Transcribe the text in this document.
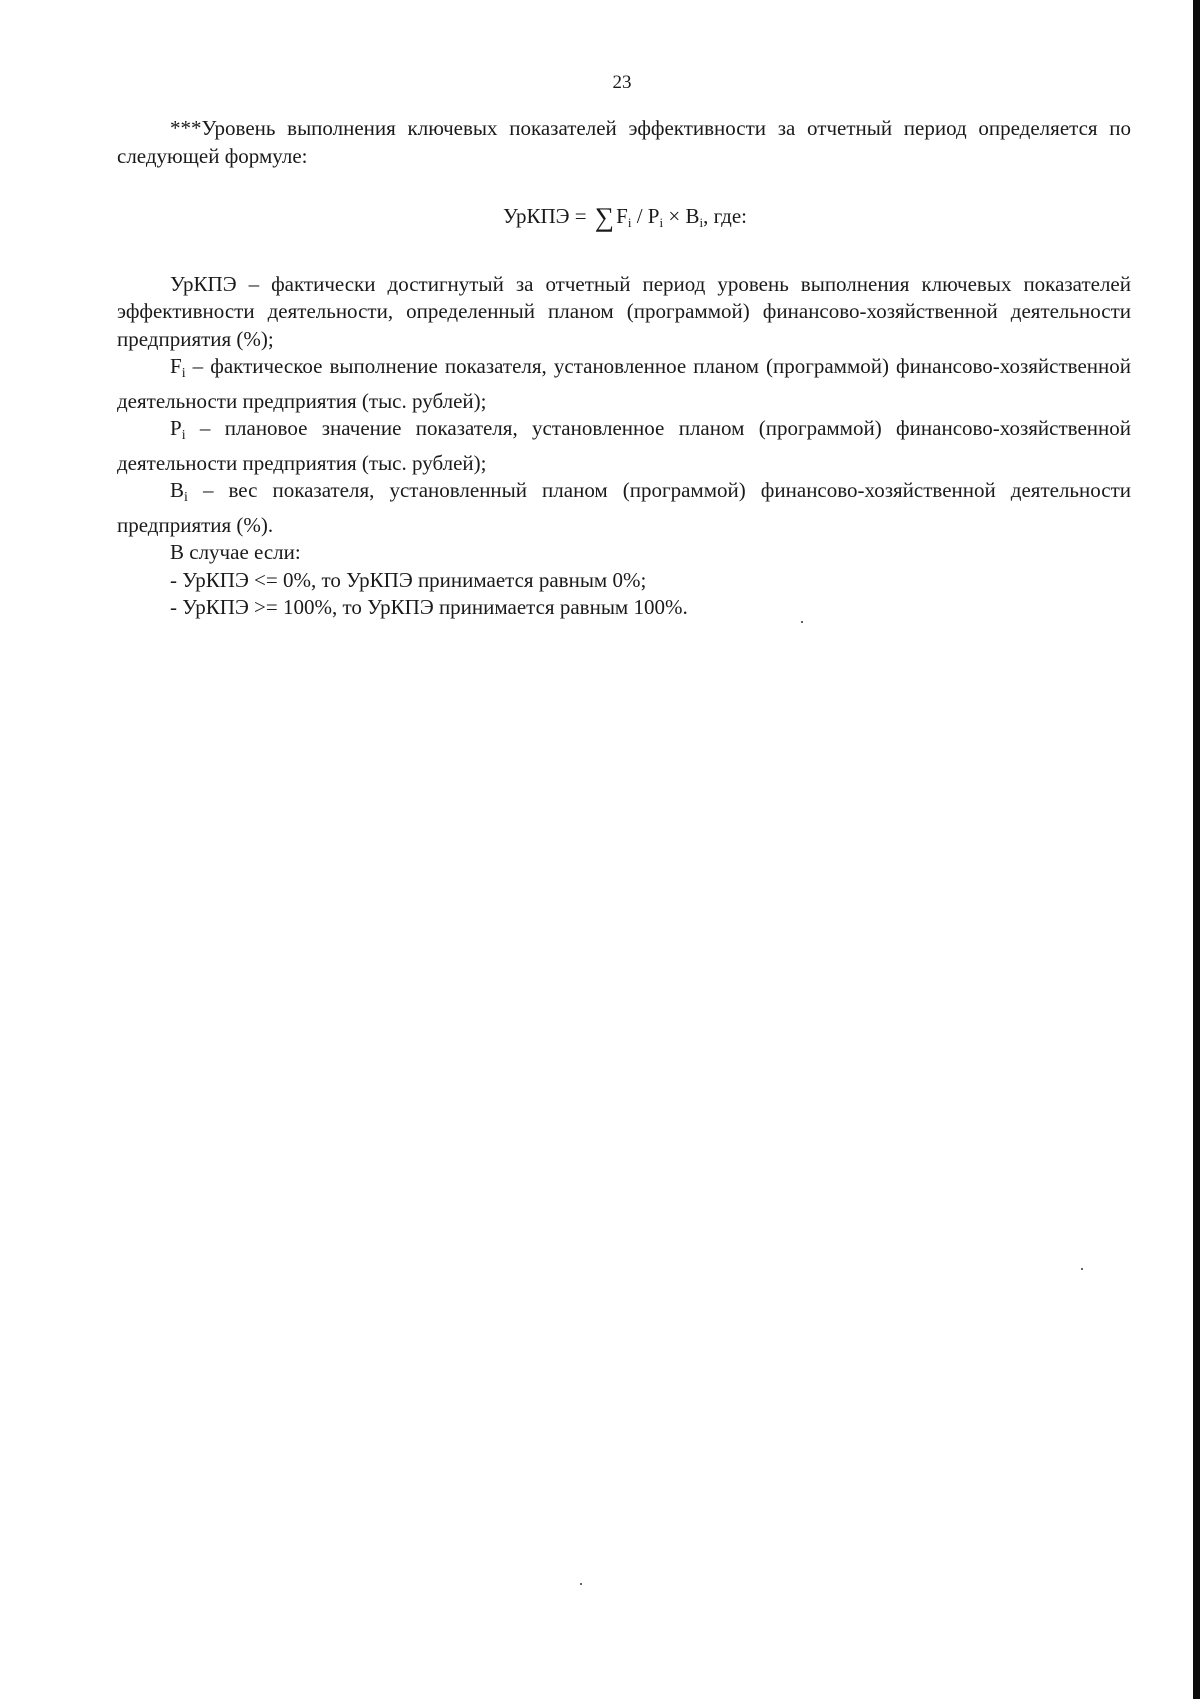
23

***Уровень выполнения ключевых показателей эффективности за отчетный период определяется по следующей формуле:

УрКПЭ = $\sum F_i / P_i \times B_i$, где:

УрКПЭ – фактически достигнутый за отчетный период уровень выполнения ключевых показателей эффективности деятельности, определенный планом (программой) финансово-хозяйственной деятельности предприятия (%);

$F_i$ – фактическое выполнение показателя, установленное планом (программой) финансово-хозяйственной деятельности предприятия (тыс. рублей);

$P_i$ – плановое значение показателя, установленное планом (программой) финансово-хозяйственной деятельности предприятия (тыс. рублей);

$B_i$ – вес показателя, установленный планом (программой) финансово-хозяйственной деятельности предприятия (%).

В случае если:

- УрКПЭ <= 0%, то УрКПЭ принимается равным 0%;

- УрКПЭ >= 100%, то УрКПЭ принимается равным 100%.
